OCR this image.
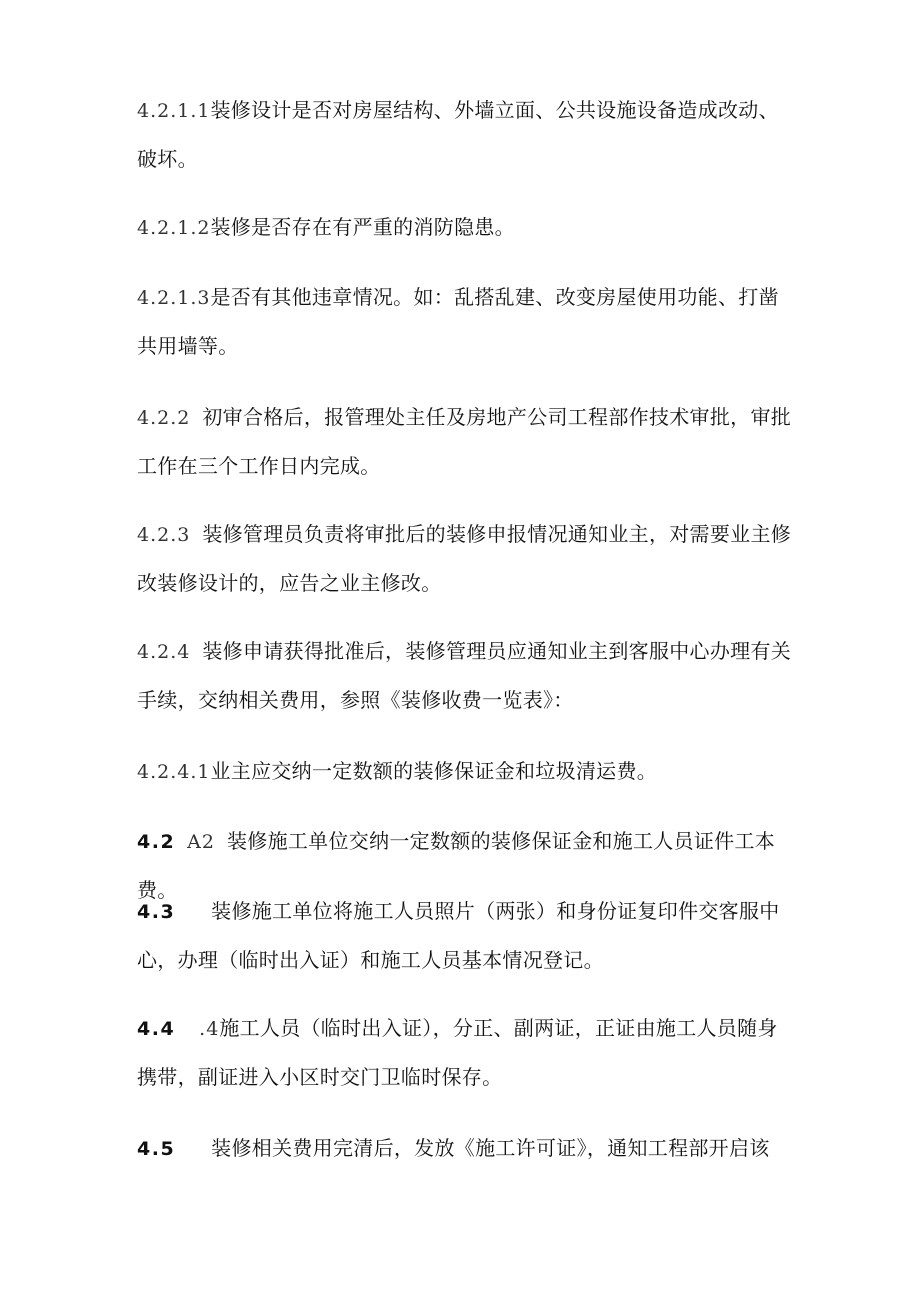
4.2.1.1装修设计是否对房屋结构、外墙立面、公共设施设备造成改动、破坏。

4.2.1.2装修是否存在有严重的消防隐患。

4.2.1.3是否有其他违章情况。如：乱搭乱建、改变房屋使用功能、打凿共用墙等。

4.2.2 初审合格后，报管理处主任及房地产公司工程部作技术审批，审批工作在三个工作日内完成。

4.2.3 装修管理员负责将审批后的装修申报情况通知业主，对需要业主修改装修设计的，应告之业主修改。

4.2.4 装修申请获得批准后，装修管理员应通知业主到客服中心办理有关手续，交纳相关费用，参照《装修收费一览表》：

4.2.4.1业主应交纳一定数额的装修保证金和垃圾清运费。

4.2 A2 装修施工单位交纳一定数额的装修保证金和施工人员证件工本费。

4.3 装修施工单位将施工人员照片（两张）和身份证复印件交客服中心，办理（临时出入证）和施工人员基本情况登记。

4.4 .4施工人员（临时出入证），分正、副两证，正证由施工人员随身携带，副证进入小区时交门卫临时保存。

4.5 装修相关费用完清后，发放《施工许可证》，通知工程部开启该
